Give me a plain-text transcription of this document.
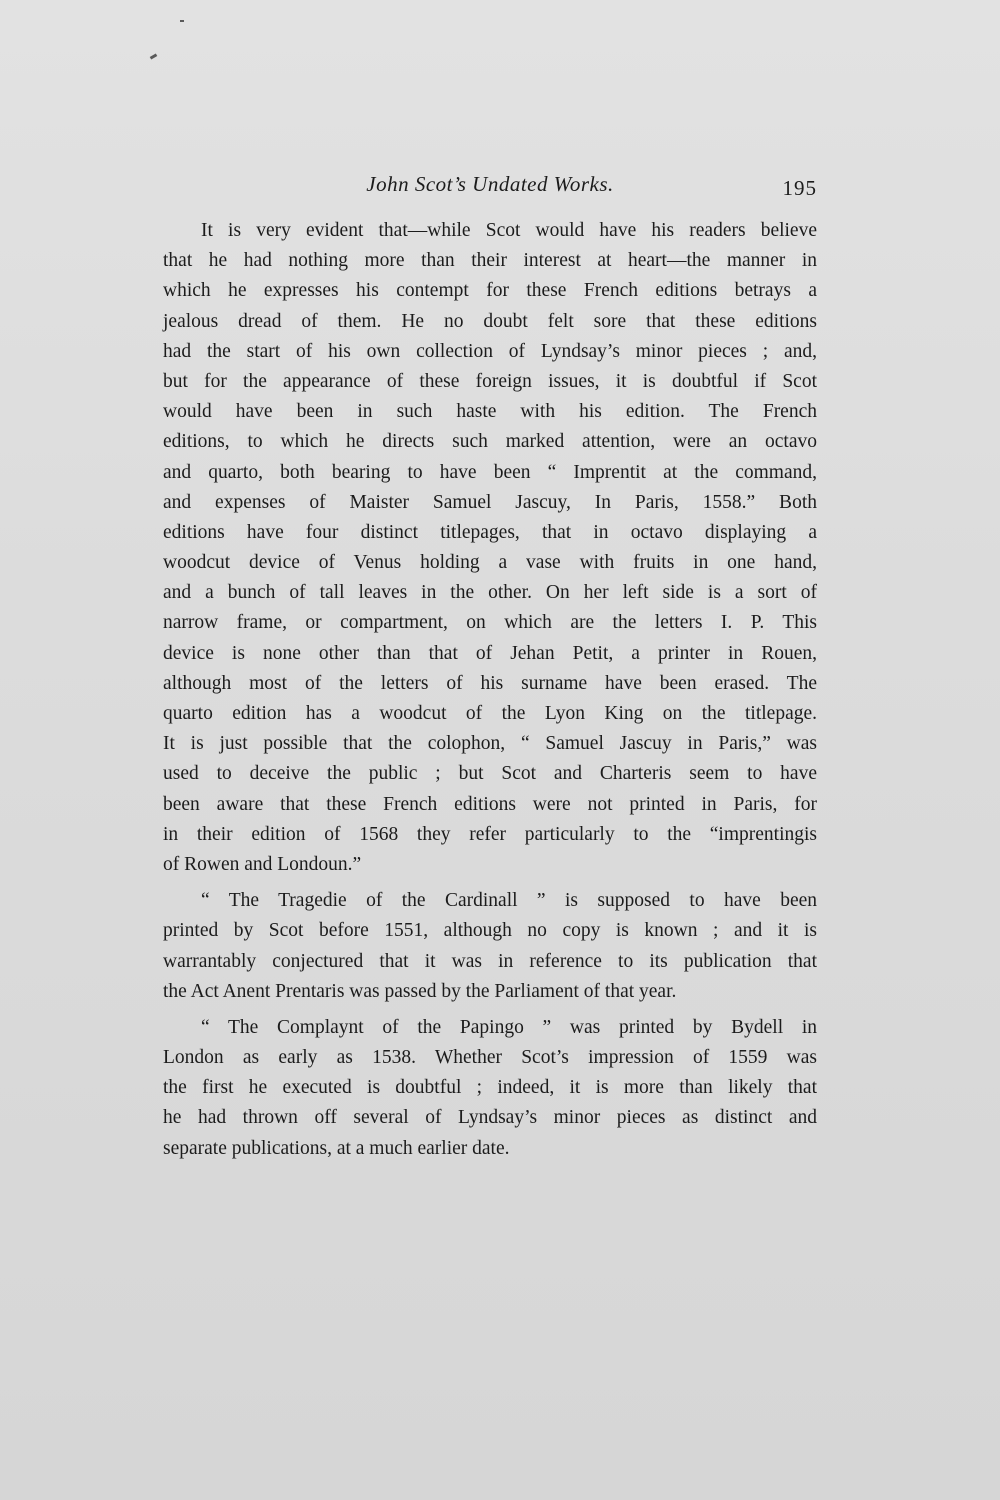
John Scot’s Undated Works.	195
It is very evident that—while Scot would have his readers believe
that he had nothing more than their interest at heart—the manner in
which he expresses his contempt for these French editions betrays a
jealous dread of them. He no doubt felt sore that these editions
had the start of his own collection of Lyndsay’s minor pieces ; and,
but for the appearance of these foreign issues, it is doubtful if Scot
would have been in such haste with his edition. The French
editions, to which he directs such marked attention, were an octavo
and quarto, both bearing to have been “ Imprentit at the command,
and expenses of Maister Samuel Jascuy, In Paris, 1558.” Both
editions have four distinct titlepages, that in octavo displaying a
woodcut device of Venus holding a vase with fruits in one hand,
and a bunch of tall leaves in the other. On her left side is a sort of
narrow frame, or compartment, on which are the letters I. P. This
device is none other than that of Jehan Petit, a printer in Rouen,
although most of the letters of his surname have been erased. The
quarto edition has a woodcut of the Lyon King on the titlepage.
It is just possible that the colophon, “ Samuel Jascuy in Paris,” was
used to deceive the public ; but Scot and Charteris seem to have
been aware that these French editions were not printed in Paris, for
in their edition of 1568 they refer particularly to the “imprentingis
of Rowen and Londoun.”
“ The Tragedie of the Cardinall ” is supposed to have been
printed by Scot before 1551, although no copy is known ; and it is
warrantably conjectured that it was in reference to its publication that
the Act Anent Prentaris was passed by the Parliament of that year.
“ The Complaynt of the Papingo ” was printed by Bydell in
London as early as 1538. Whether Scot’s impression of 1559 was
the first he executed is doubtful ; indeed, it is more than likely that
he had thrown off several of Lyndsay’s minor pieces as distinct and
separate publications, at a much earlier date.
